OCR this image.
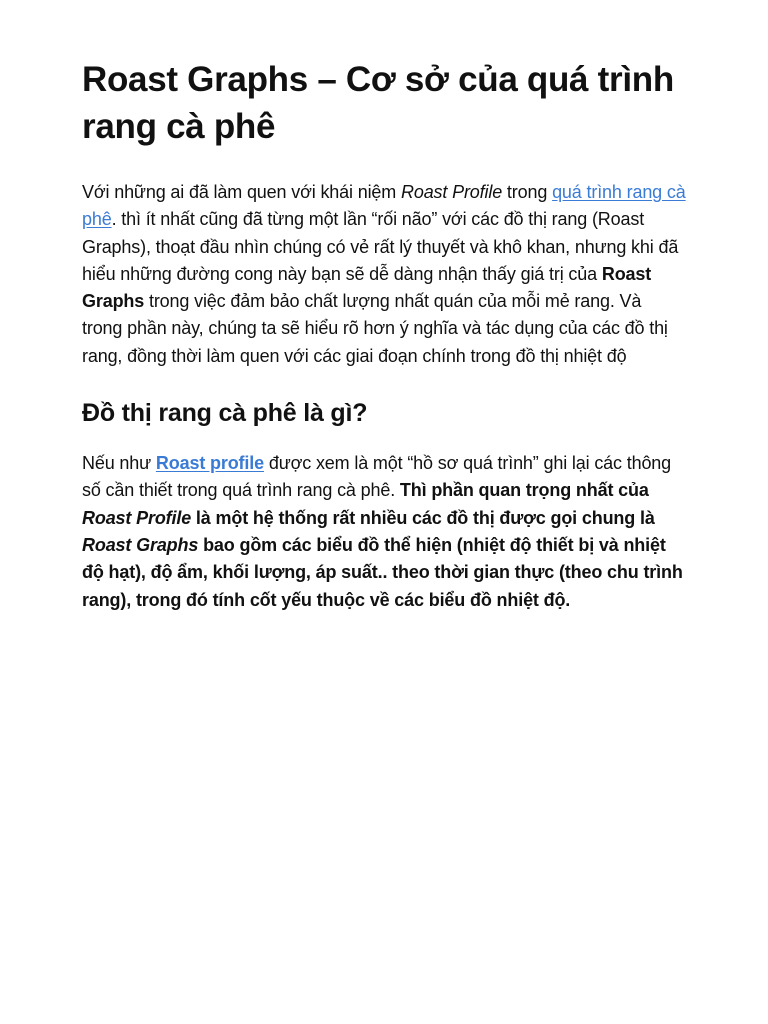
Roast Graphs – Cơ sở của quá trình rang cà phê

Với những ai đã làm quen với khái niệm Roast Profile trong quá trình rang cà phê. thì ít nhất cũng đã từng một lần “rối não” với các đồ thị rang (Roast Graphs), thoạt đầu nhìn chúng có vẻ rất lý thuyết và khô khan, nhưng khi đã hiểu những đường cong này bạn sẽ dễ dàng nhận thấy giá trị của Roast Graphs trong việc đảm bảo chất lượng nhất quán của mỗi mẻ rang. Và trong phần này, chúng ta sẽ hiểu rõ hơn ý nghĩa và tác dụng của các đồ thị rang, đồng thời làm quen với các giai đoạn chính trong đồ thị nhiệt độ

Đồ thị rang cà phê là gì?

Nếu như Roast profile được xem là một “hồ sơ quá trình” ghi lại các thông số cần thiết trong quá trình rang cà phê. Thì phần quan trọng nhất của Roast Profile là một hệ thống rất nhiều các đồ thị được gọi chung là Roast Graphs bao gồm các biểu đồ thể hiện (nhiệt độ thiết bị và nhiệt độ hạt), độ ẩm, khối lượng, áp suất.. theo thời gian thực (theo chu trình rang), trong đó tính cốt yếu thuộc về các biểu đồ nhiệt độ.
